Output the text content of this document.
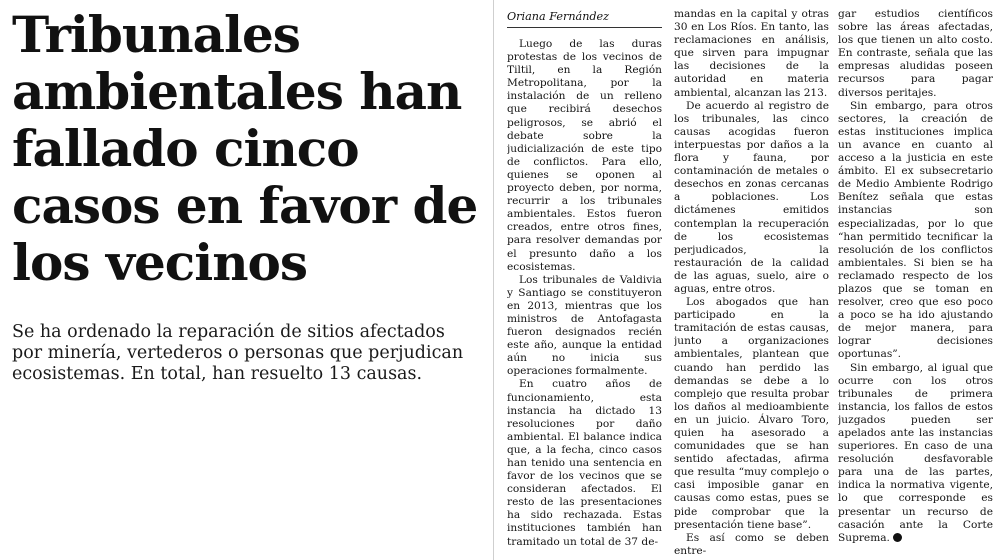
Tribunales ambientales han fallado cinco casos en favor de los vecinos

Se ha ordenado la reparación de sitios afectados por minería, vertederos o personas que perjudican ecosistemas. En total, han resuelto 13 causas.

Oriana Fernández

Luego de las duras protestas de los vecinos de Tiltil, en la Región Metropolitana, por la instalación de un relleno que recibirá desechos peligrosos, se abrió el debate sobre la judicialización de este tipo de conflictos. Para ello, quienes se oponen al proyecto deben, por norma, recurrir a los tribunales ambientales. Estos fueron creados, entre otros fines, para resolver demandas por el presunto daño a los ecosistemas.

Los tribunales de Valdivia y Santiago se constituyeron en 2013, mientras que los ministros de Antofagasta fueron designados recién este año, aunque la entidad aún no inicia sus operaciones formalmente.

En cuatro años de funcionamiento, esta instancia ha dictado 13 resoluciones por daño ambiental. El balance indica que, a la fecha, cinco casos han tenido una sentencia en favor de los vecinos que se consideran afectados. El resto de las presentaciones ha sido rechazada. Estas instituciones también han tramitado un total de 37 de-

mandas en la capital y otras 30 en Los Ríos. En tanto, las reclamaciones en análisis, que sirven para impugnar las decisiones de la autoridad en materia ambiental, alcanzan las 213.

De acuerdo al registro de los tribunales, las cinco causas acogidas fueron interpuestas por daños a la flora y fauna, por contaminación de metales o desechos en zonas cercanas a poblaciones. Los dictámenes emitidos contemplan la recuperación de los ecosistemas perjudicados, la restauración de la calidad de las aguas, suelo, aire o aguas, entre otros.

Los abogados que han participado en la tramitación de estas causas, junto a organizaciones ambientales, plantean que cuando han perdido las demandas se debe a lo complejo que resulta probar los daños al medioambiente en un juicio. Álvaro Toro, quien ha asesorado a comunidades que se han sentido afectadas, afirma que resulta “muy complejo o casi imposible ganar en causas como estas, pues se pide comprobar que la presentación tiene base”.

Es así como se deben entre-

gar estudios científicos sobre las áreas afectadas, los que tienen un alto costo. En contraste, señala que las empresas aludidas poseen recursos para pagar diversos peritajes.

Sin embargo, para otros sectores, la creación de estas instituciones implica un avance en cuanto al acceso a la justicia en este ámbito. El ex subsecretario de Medio Ambiente Rodrigo Benítez señala que estas instancias son especializadas, por lo que “han permitido tecnificar la resolución de los conflictos ambientales. Si bien se ha reclamado respecto de los plazos que se toman en resolver, creo que eso poco a poco se ha ido ajustando de mejor manera, para lograr decisiones oportunas”.

Sin embargo, al igual que ocurre con los otros tribunales de primera instancia, los fallos de estos juzgados pueden ser apelados ante las instancias superiores. En caso de una resolución desfavorable para una de las partes, indica la normativa vigente, lo que corresponde es presentar un recurso de casación ante la Corte Suprema.
